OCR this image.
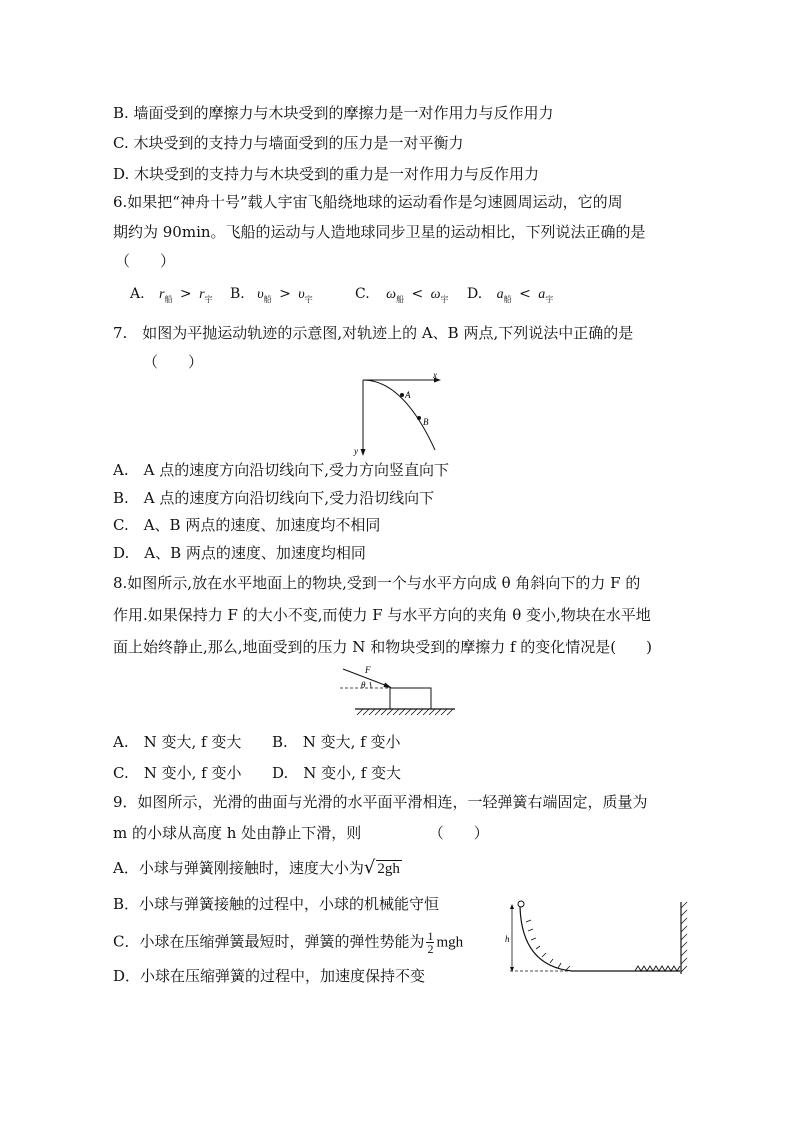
B. 墙面受到的摩擦力与木块受到的摩擦力是一对作用力与反作用力
C. 木块受到的支持力与墙面受到的压力是一对平衡力
D. 木块受到的支持力与木块受到的重力是一对作用力与反作用力
6.如果把“神舟十号”载人宇宙飞船绕地球的运动看作是匀速圆周运动，它的周
期约为 90min。飞船的运动与人造地球同步卫星的运动相比，下列说法正确的是
（　　）
A. $r_船 > r_宇$ B. $\upsilon_船 > \upsilon_宇$	C. $\omega_船 < \omega_宇$ D. $a_船 < a_宇$
7.　如图为平抛运动轨迹的示意图,对轨迹上的 A、B 两点,下列说法中正确的是
（　　）
x
y
A
B
A.　A 点的速度方向沿切线向下,受力方向竖直向下
B.　A 点的速度方向沿切线向下,受力沿切线向下
C.　A、B 两点的速度、加速度均不相同
D.　A、B 两点的速度、加速度均相同
8.如图所示,放在水平地面上的物块,受到一个与水平方向成 θ 角斜向下的力 F 的
作用.如果保持力 F 的大小不变,而使力 F 与水平方向的夹角 θ 变小,物块在水平地
面上始终静止,那么,地面受到的压力 N 和物块受到的摩擦力 f 的变化情况是(　　)
F
θ
A.　N 变大, f 变大 B.　N 变大, f 变小
C.　N 变小, f 变小 D.　N 变小, f 变大
9．如图所示，光滑的曲面与光滑的水平面平滑相连，一轻弹簧右端固定，质量为
m 的小球从高度 h 处由静止下滑，则　　　　　（　　）
A．小球与弹簧刚接触时，速度大小为√ 2gh
B．小球与弹簧接触的过程中，小球的机械能守恒
C．小球在压缩弹簧最短时，弹簧的弹性势能为 $\frac{1}{2}$ mgh
D．小球在压缩弹簧的过程中，加速度保持不变
h
